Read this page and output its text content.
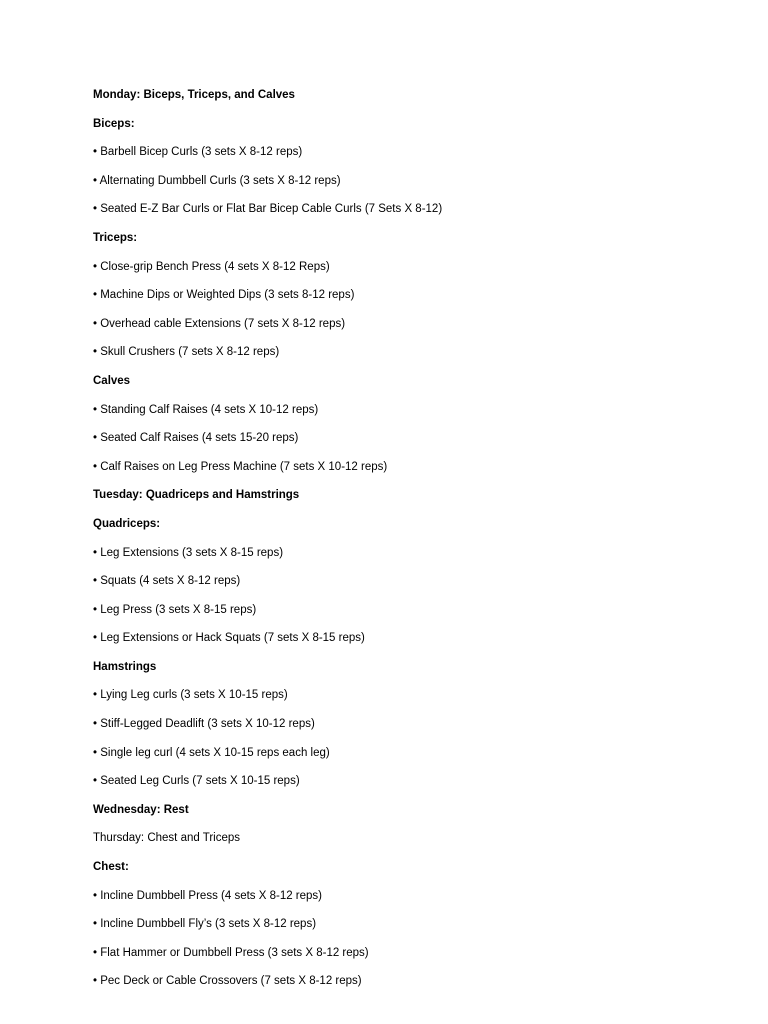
Monday: Biceps, Triceps, and Calves
Biceps:
• Barbell Bicep Curls (3 sets X 8-12 reps)
• Alternating Dumbbell Curls (3 sets X 8-12 reps)
• Seated E-Z Bar Curls or Flat Bar Bicep Cable Curls (7 Sets X 8-12)
Triceps:
• Close-grip Bench Press (4 sets X 8-12 Reps)
• Machine Dips or Weighted Dips (3 sets 8-12 reps)
• Overhead cable Extensions (7 sets X 8-12 reps)
• Skull Crushers (7 sets X 8-12 reps)
Calves
• Standing Calf Raises (4 sets X 10-12 reps)
• Seated Calf Raises (4 sets 15-20 reps)
• Calf Raises on Leg Press Machine (7 sets X 10-12 reps)
Tuesday: Quadriceps and Hamstrings
Quadriceps:
• Leg Extensions (3 sets X 8-15 reps)
• Squats (4 sets X 8-12 reps)
• Leg Press (3 sets X 8-15 reps)
• Leg Extensions or Hack Squats (7 sets X 8-15 reps)
Hamstrings
• Lying Leg curls (3 sets X 10-15 reps)
• Stiff-Legged Deadlift (3 sets X 10-12 reps)
• Single leg curl (4 sets X 10-15 reps each leg)
• Seated Leg Curls (7 sets X 10-15 reps)
Wednesday: Rest
Thursday: Chest and Triceps
Chest:
• Incline Dumbbell Press (4 sets X 8-12 reps)
• Incline Dumbbell Fly’s (3 sets X 8-12 reps)
• Flat Hammer or Dumbbell Press (3 sets X 8-12 reps)
• Pec Deck or Cable Crossovers (7 sets X 8-12 reps)
